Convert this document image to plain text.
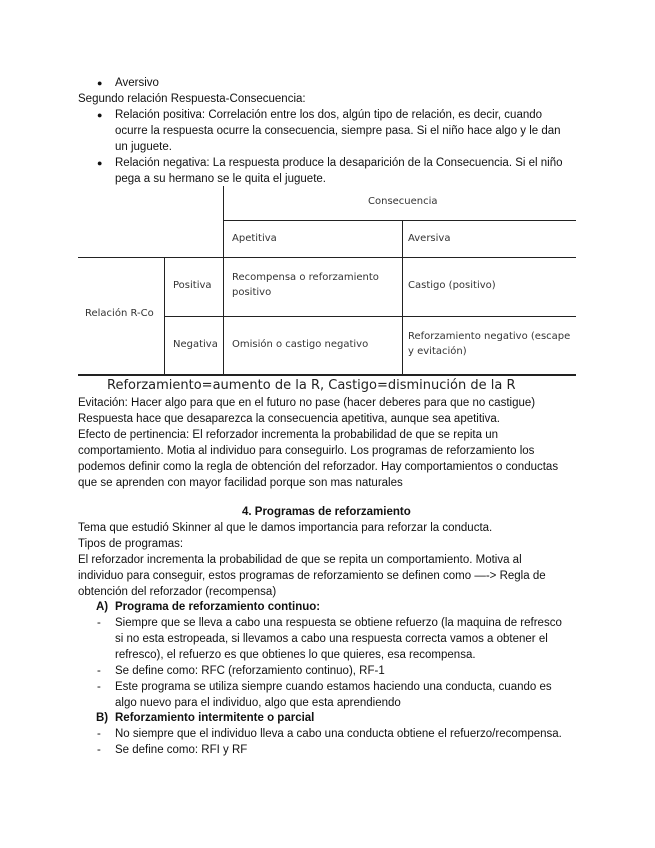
● Aversivo
Segundo relación Respuesta-Consecuencia:
● Relación positiva: Correlación entre los dos, algún tipo de relación, es decir, cuando
ocurre la respuesta ocurre la consecuencia, siempre pasa. Si el niño hace algo y le dan
un juguete.
● Relación negativa: La respuesta produce la desaparición de la Consecuencia. Si el niño
pega a su hermano se le quita el juguete.
Consecuencia
Apetitiva	Aversiva
Relación R-Co
Positiva
Negativa
Recompensa o reforzamiento
positivo
Castigo (positivo)
Omisión o castigo negativo
Reforzamiento negativo (escape
y evitación)
Reforzamiento=aumento de la R, Castigo=disminución de la R
Evitación: Hacer algo para que en el futuro no pase (hacer deberes para que no castigue)
Respuesta hace que desaparezca la consecuencia apetitiva, aunque sea apetitiva.
Efecto de pertinencia: El reforzador incrementa la probabilidad de que se repita un
comportamiento. Motia al individuo para conseguirlo. Los programas de reforzamiento los
podemos definir como la regla de obtención del reforzador. Hay comportamientos o conductas
que se aprenden con mayor facilidad porque son mas naturales
4. Programas de reforzamiento
Tema que estudió Skinner al que le damos importancia para reforzar la conducta.
Tipos de programas:
El reforzador incrementa la probabilidad de que se repita un comportamiento. Motiva al
individuo para conseguir, estos programas de reforzamiento se definen como —-> Regla de
obtención del reforzador (recompensa)
A) Programa de reforzamiento continuo:
- Siempre que se lleva a cabo una respuesta se obtiene refuerzo (la maquina de refresco
si no esta estropeada, si llevamos a cabo una respuesta correcta vamos a obtener el
refresco), el refuerzo es que obtienes lo que quieres, esa recompensa.
- Se define como: RFC (reforzamiento continuo), RF-1
- Este programa se utiliza siempre cuando estamos haciendo una conducta, cuando es
algo nuevo para el individuo, algo que esta aprendiendo
B) Reforzamiento intermitente o parcial
- No siempre que el individuo lleva a cabo una conducta obtiene el refuerzo/recompensa.
- Se define como: RFI y RF
